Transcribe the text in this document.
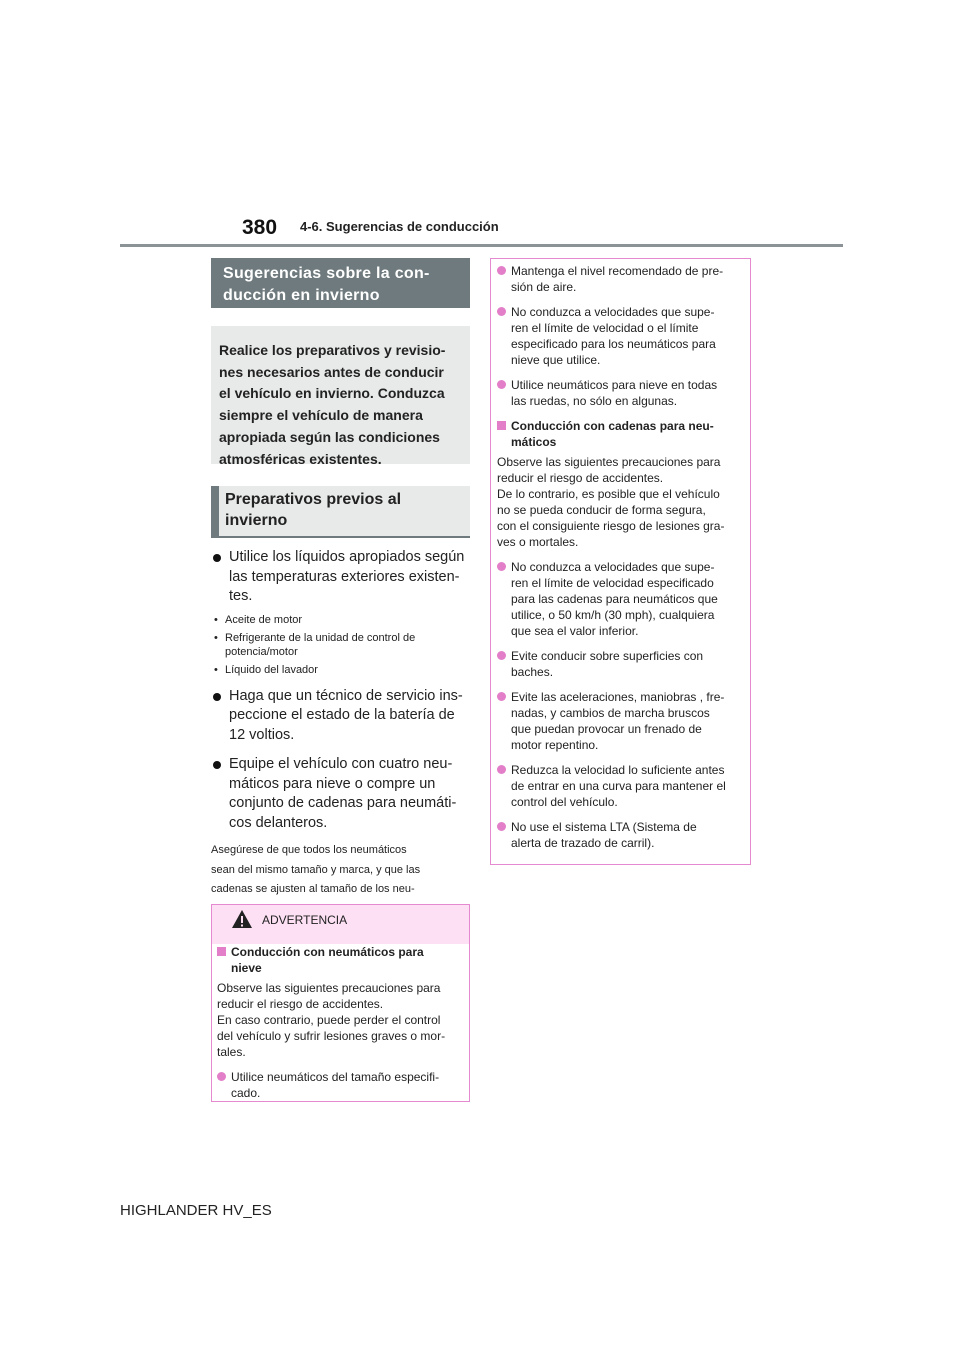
380 4-6. Sugerencias de conducción
Sugerencias sobre la con-
ducción en invierno
Realice los preparativos y revisio-
nes necesarios antes de conducir
el vehículo en invierno. Conduzca
siempre el vehículo de manera
apropiada según las condiciones
atmosféricas existentes.
Preparativos previos al
invierno
Utilice los líquidos apropiados según
las temperaturas exteriores existen-
tes.
• Aceite de motor
• Refrigerante de la unidad de control de
potencia/motor
• Líquido del lavador
Haga que un técnico de servicio ins-
peccione el estado de la batería de
12 voltios.
Equipe el vehículo con cuatro neu-
máticos para nieve o compre un
conjunto de cadenas para neumáti-
cos delanteros.
Asegúrese de que todos los neumáticos
sean del mismo tamaño y marca, y que las
cadenas se ajusten al tamaño de los neu-

ADVERTENCIA
Conducción con neumáticos para
nieve
Observe las siguientes precauciones para
reducir el riesgo de accidentes.
En caso contrario, puede perder el control
del vehículo y sufrir lesiones graves o mor-
tales.
Utilice neumáticos del tamaño especifi-
cado.
Mantenga el nivel recomendado de pre-
sión de aire.
No conduzca a velocidades que supe-
ren el límite de velocidad o el límite
especificado para los neumáticos para
nieve que utilice.
Utilice neumáticos para nieve en todas
las ruedas, no sólo en algunas.
Conducción con cadenas para neu-
máticos
Observe las siguientes precauciones para
reducir el riesgo de accidentes.
De lo contrario, es posible que el vehículo
no se pueda conducir de forma segura,
con el consiguiente riesgo de lesiones gra-
ves o mortales.
No conduzca a velocidades que supe-
ren el límite de velocidad especificado
para las cadenas para neumáticos que
utilice, o 50 km/h (30 mph), cualquiera
que sea el valor inferior.
Evite conducir sobre superficies con
baches.
Evite las aceleraciones, maniobras , fre-
nadas, y cambios de marcha bruscos
que puedan provocar un frenado de
motor repentino.
Reduzca la velocidad lo suficiente antes
de entrar en una curva para mantener el
control del vehículo.
No use el sistema LTA (Sistema de
alerta de trazado de carril).
HIGHLANDER HV_ES
